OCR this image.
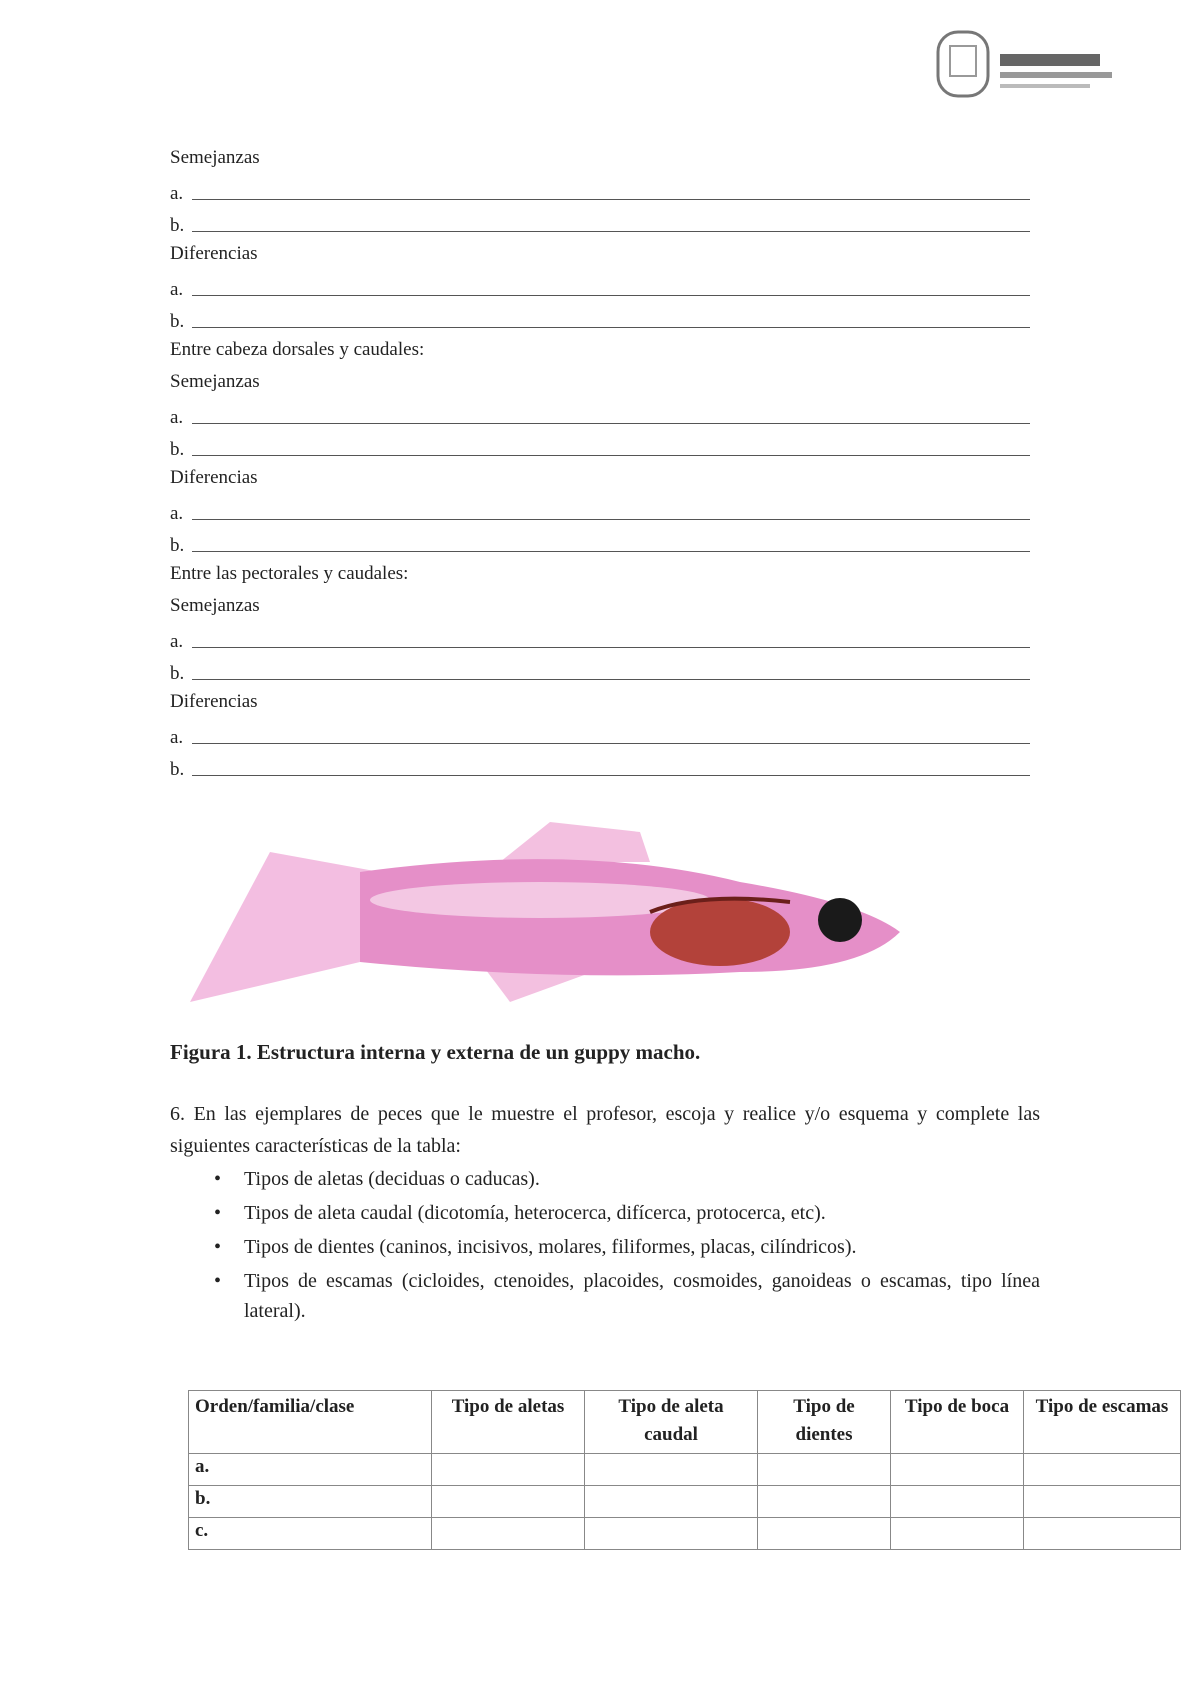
Semejanzas
a.
b.
Diferencias
a.
b.
Entre cabeza dorsales y caudales:
Semejanzas
a.
b.
Diferencias
a.
b.
Entre las pectorales y caudales:
Semejanzas
a.
b.
Diferencias
a.
b.
Figura 1. Estructura interna y externa de un guppy macho.
6. En las ejemplares de peces que le muestre el profesor, escoja y realice y/o esquema y complete las siguientes características de la tabla:
• Tipos de aletas (deciduas o caducas).
• Tipos de aleta caudal (dicotomía, heterocerca, difícerca, protocerca, etc).
• Tipos de dientes (caninos, incisivos, molares, filiformes, placas, cilíndricos).
• Tipos de escamas (cicloides, ctenoides, placoides, cosmoides, ganoideas o escamas, tipo línea lateral).
Orden/familia/clase	Tipo de aletas	Tipo de aleta caudal	Tipo de dientes	Tipo de boca	Tipo de escamas
a.					
b.					
c.					
